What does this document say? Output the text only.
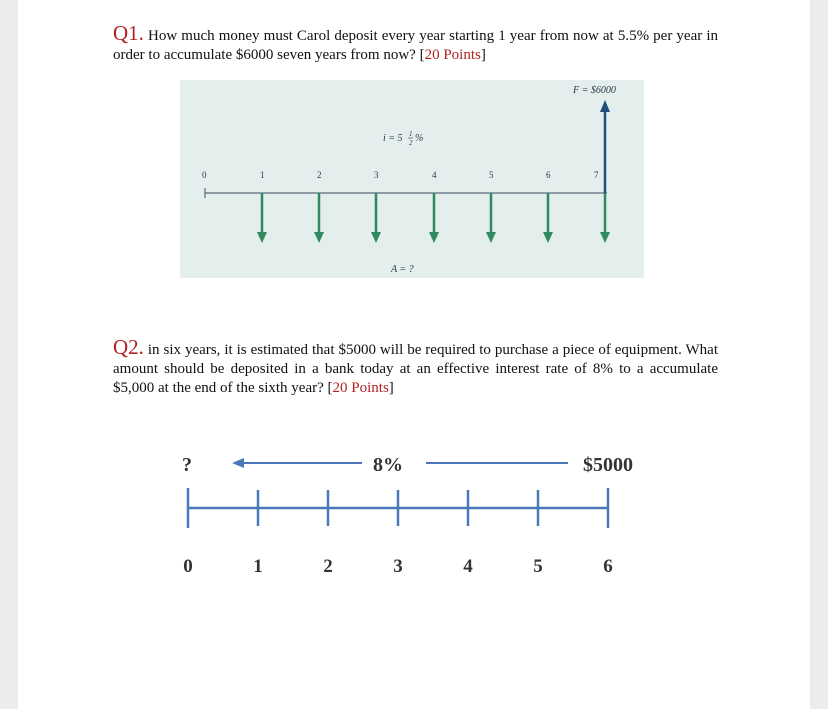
Q1. How much money must Carol deposit every year starting 1 year from now at 5.5% per year in order to accumulate $6000 seven years from now? [20 Points]
0	1	2	3	4	5	6	7
F = $6000
i = 5 1
2 %
A = ?
Q2. in six years, it is estimated that $5000 will be required to purchase a piece of equipment. What amount should be deposited in a bank today at an effective interest rate of 8% to a accumulate $5,000 at the end of the sixth year? [20 Points]
?	8%	$5000
0	1	2	3	4	5	6
